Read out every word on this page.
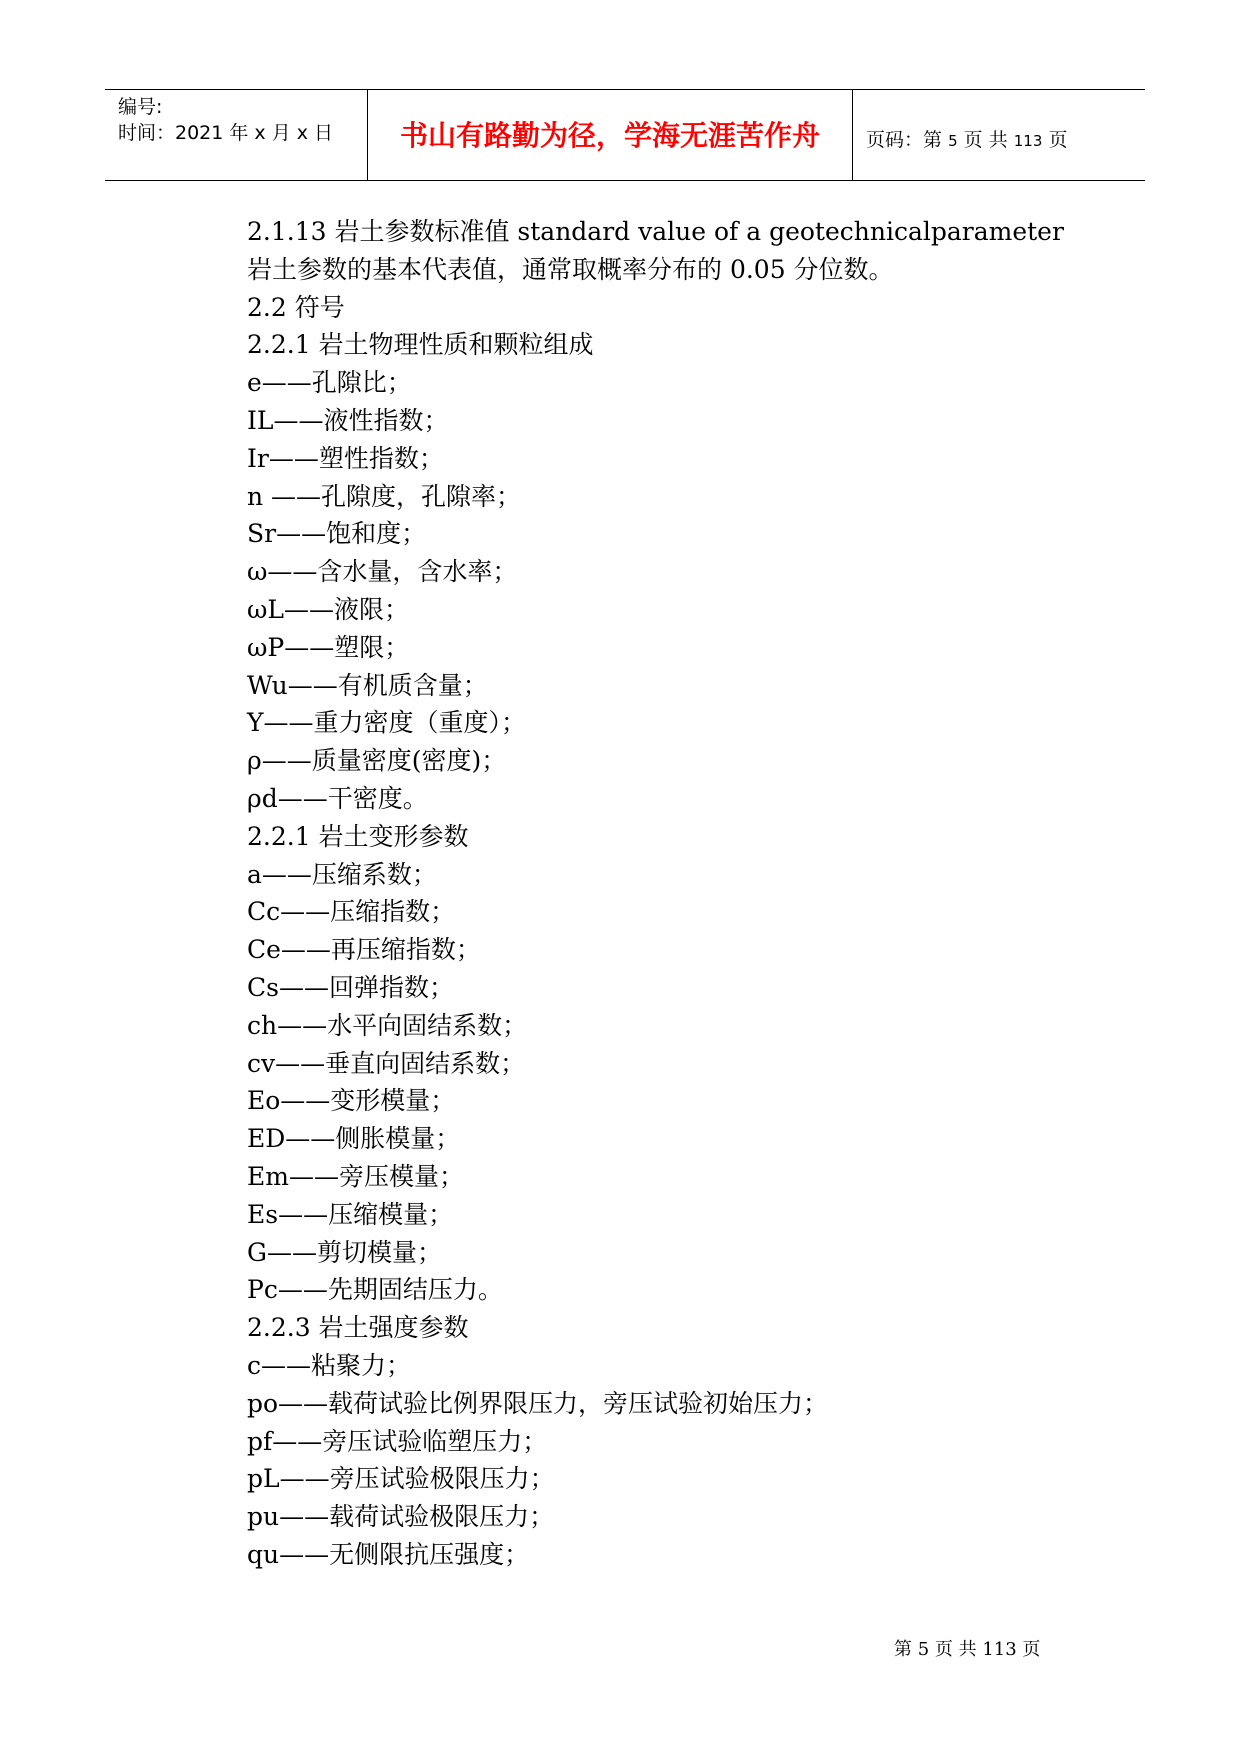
编号:
时间：2021 年 x 月 x 日	书山有路勤为径，学海无涯苦作舟	页码：第 5 页 共 113 页
2.1.13 岩土参数标准值 standard value of a geotechnicalparameter
岩土参数的基本代表值，通常取概率分布的 0.05 分位数。
2.2 符号
2.2.1 岩土物理性质和颗粒组成
e——孔隙比；
IL——液性指数；
Ir——塑性指数；
n ——孔隙度，孔隙率；
Sr——饱和度；
ω——含水量，含水率；
ωL——液限；
ωP——塑限；
Wu——有机质含量；
Y——重力密度（重度）；
ρ——质量密度(密度)；
ρd——干密度。
2.2.1 岩土变形参数
a——压缩系数；
Cc——压缩指数；
Ce——再压缩指数；
Cs——回弹指数；
ch——水平向固结系数；
cv——垂直向固结系数；
Eo——变形模量；
ED——侧胀模量；
Em——旁压模量；
Es——压缩模量；
G——剪切模量；
Pc——先期固结压力。
2.2.3 岩土强度参数
c——粘聚力；
po——载荷试验比例界限压力，旁压试验初始压力；
pf——旁压试验临塑压力；
pL——旁压试验极限压力；
pu——载荷试验极限压力；
qu——无侧限抗压强度；
第 5 页 共 113 页
